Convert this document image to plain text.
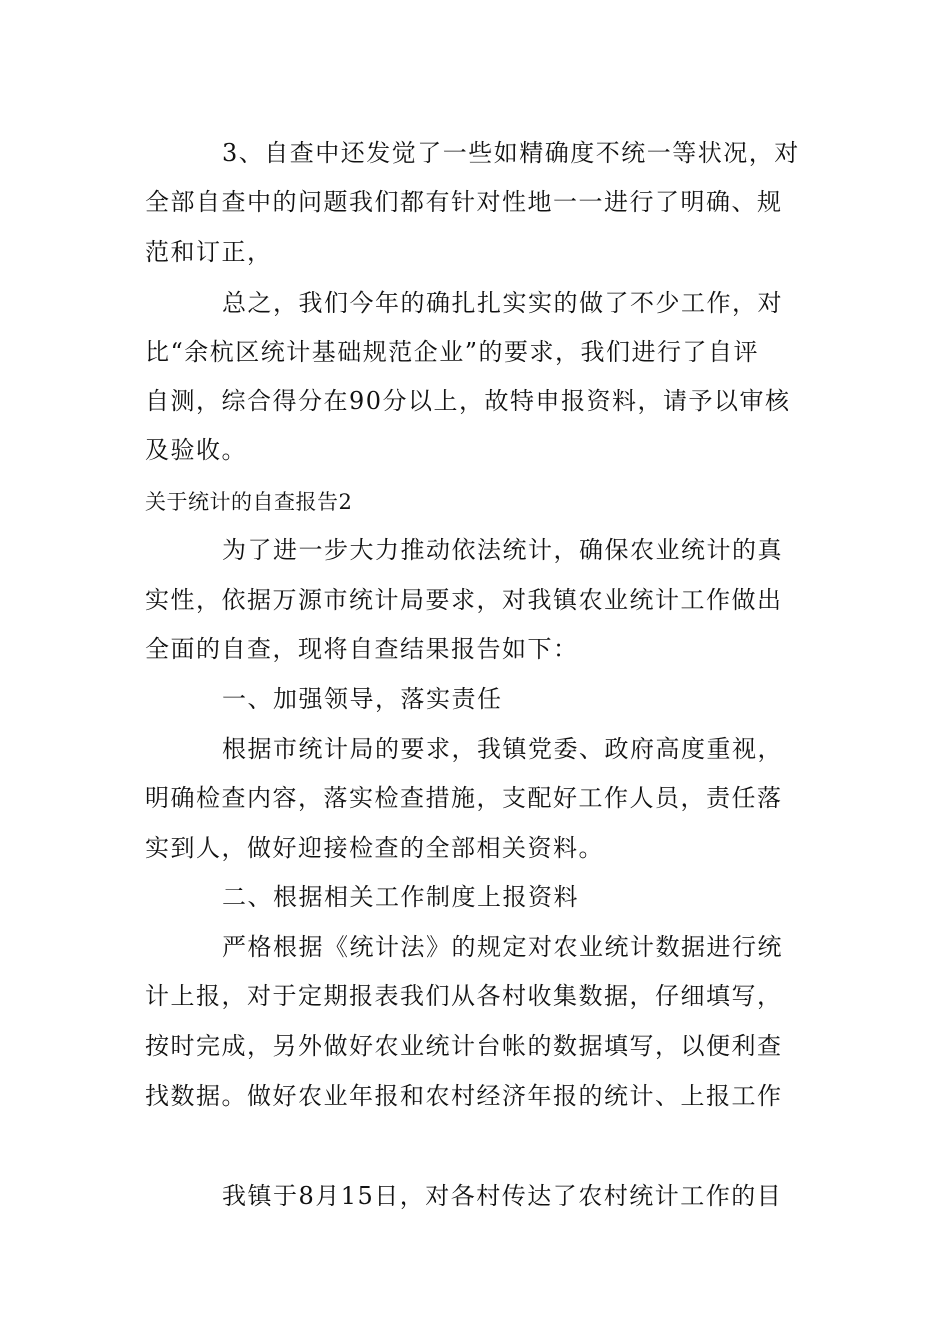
3、自查中还发觉了一些如精确度不统一等状况，对
全部自查中的问题我们都有针对性地一一进行了明确、规
范和订正，
总之，我们今年的确扎扎实实的做了不少工作，对
比“余杭区统计基础规范企业”的要求，我们进行了自评
自测，综合得分在90分以上，故特申报资料，请予以审核
及验收。
关于统计的自查报告2
为了进一步大力推动依法统计，确保农业统计的真
实性，依据万源市统计局要求，对我镇农业统计工作做出
全面的自查，现将自查结果报告如下：
一、加强领导，落实责任
根据市统计局的要求，我镇党委、政府高度重视，
明确检查内容，落实检查措施，支配好工作人员，责任落
实到人，做好迎接检查的全部相关资料。
二、根据相关工作制度上报资料
严格根据《统计法》的规定对农业统计数据进行统
计上报，对于定期报表我们从各村收集数据，仔细填写，
按时完成，另外做好农业统计台帐的数据填写，以便利查
找数据。做好农业年报和农村经济年报的统计、上报工作
我镇于8月15日，对各村传达了农村统计工作的目
